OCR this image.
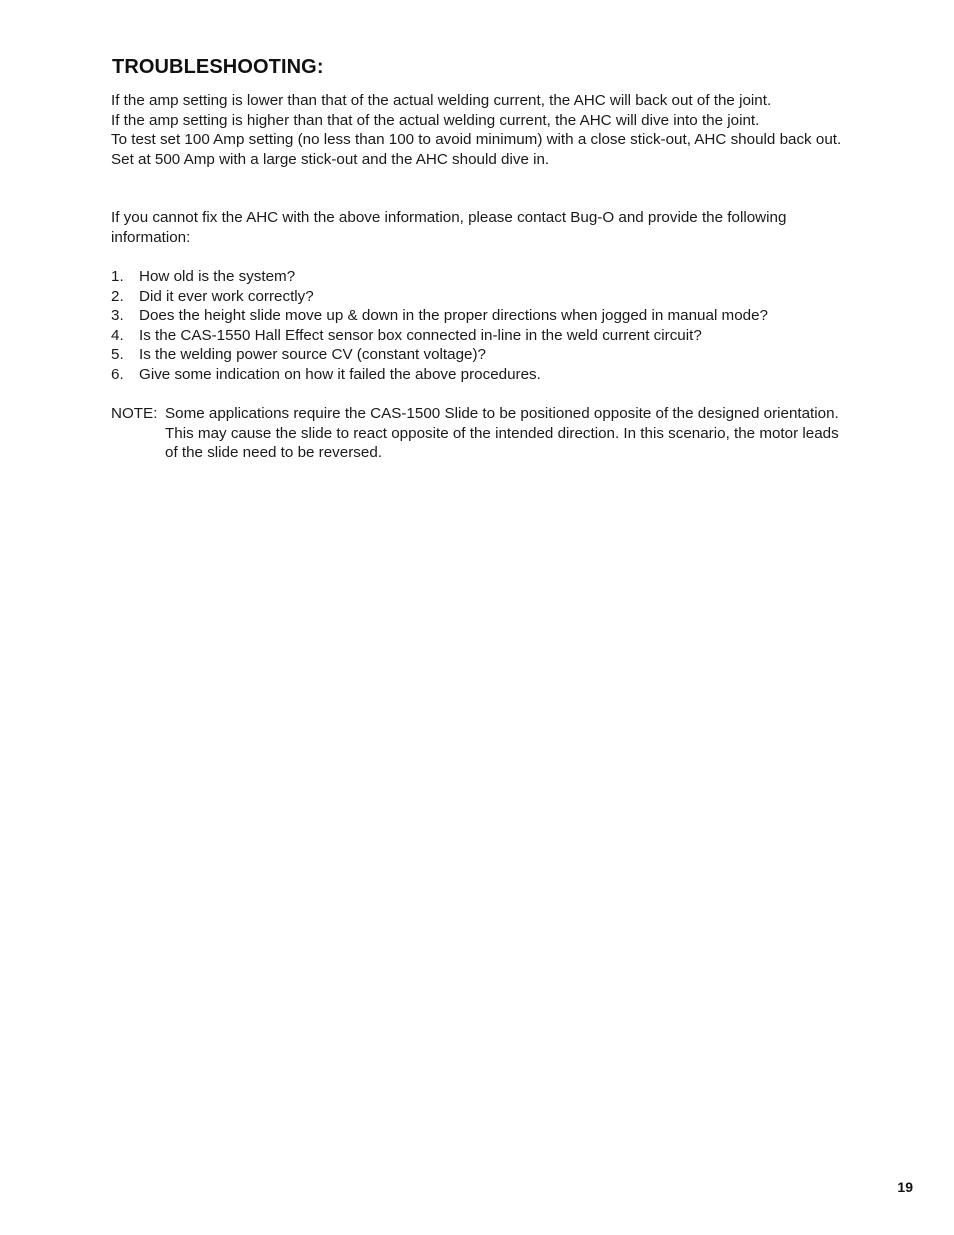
TROUBLESHOOTING:

If the amp setting is lower than that of the actual welding current, the AHC will back out of the joint.
If the amp setting is higher than that of the actual welding current, the AHC will dive into the joint.
To test set 100 Amp setting (no less than 100 to avoid minimum) with a close stick-out, AHC should back out.
Set at 500 Amp with a large stick-out and the AHC should dive in.

If you cannot fix the AHC with the above information, please contact Bug-O and provide the following
information:

1.	How old is the system?
2.	Did it ever work correctly?
3.	Does the height slide move up & down in the proper directions when jogged in manual mode?
4.	Is the CAS-1550 Hall Effect sensor box connected in-line in the weld current circuit?
5.	Is the welding power source CV (constant voltage)?
6.	Give some indication on how it failed the above procedures.
NOTE: Some applications require the CAS-1500 Slide to be positioned opposite of the designed orientation.
This may cause the slide to react opposite of the intended direction. In this scenario, the motor leads
of the slide need to be reversed.
19
